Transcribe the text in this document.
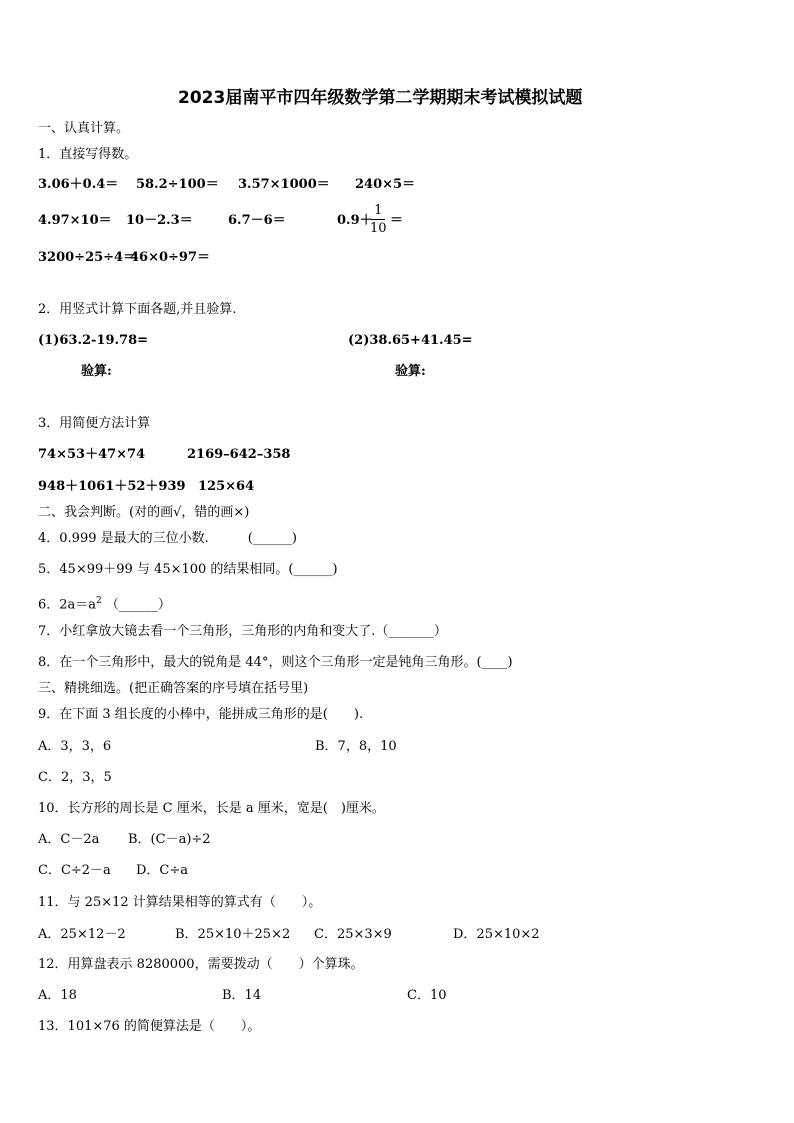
2023届南平市四年级数学第二学期期末考试模拟试题
一、认真计算。
1．直接写得数。
3.06＋0.4＝ 58.2÷100＝ 3.57×1000＝ 240×5＝
4.97×10＝ 10－2.3＝	6.7－6＝	0.9＋
1
10
＝
3200÷25÷4＝
46×0÷97＝
2．用竖式计算下面各题,并且验算.
(1)63.2-19.78=	(2)38.65+41.45=
验算:	验算:
3．用简便方法计算
74×53＋47×74	2169–642–358
948＋1061＋52＋939 125×64
二、我会判断。(对的画√，错的画×)
4．0.999 是最大的三位小数.　　　(______)
5．45×99＋99 与 45×100 的结果相同。(______)
6．$2a=a^2$ （______）
7．小红拿放大镜去看一个三角形，三角形的内角和变大了.（_______）
8．在一个三角形中，最大的锐角是 44°，则这个三角形一定是钝角三角形。(____)
三、精挑细选。(把正确答案的序号填在括号里)
9．在下面 3 组长度的小棒中，能拼成三角形的是(　　).
A．3，3，6	B．7，8，10
C．2，3，5
10．长方形的周长是 C 厘米，长是 a 厘米，宽是(　)厘米。
A．C－2a B．(C－a)÷2
C．C÷2－a D．C÷a
11．与 25×12 计算结果相等的算式有（　　）。
A．25×12－2	B．25×10＋25×2 C．25×3×9	D．25×10×2
12．用算盘表示 8280000，需要拨动（　　）个算珠。
A．18	B．14	C．10
13．101×76 的简便算法是（　　）。
